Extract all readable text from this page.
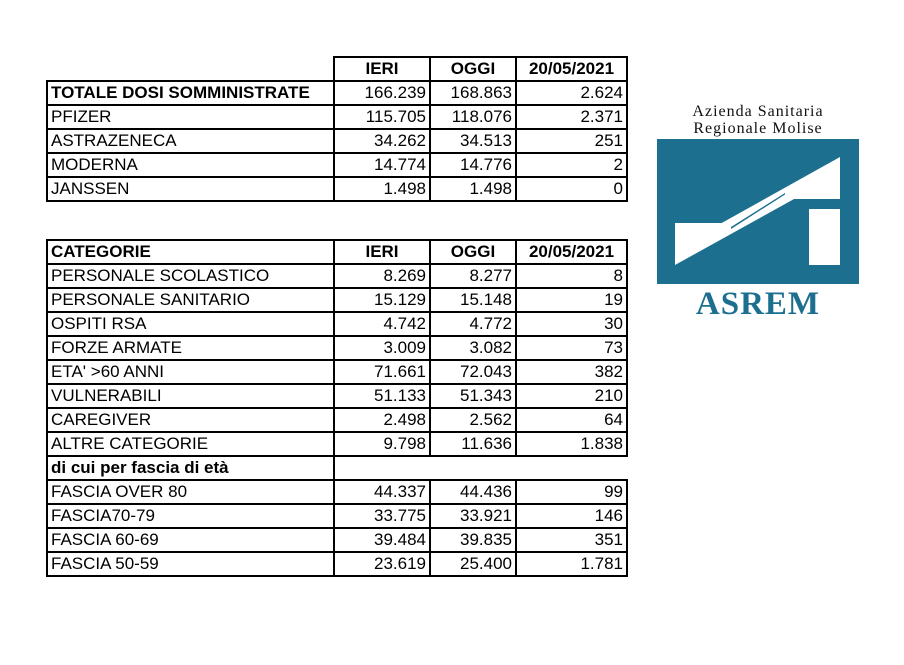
	IERI	OGGI	20/05/2021
TOTALE DOSI SOMMINISTRATE	166.239	168.863	2.624
PFIZER	115.705	118.076	2.371
ASTRAZENECA	34.262	34.513	251
MODERNA	14.774	14.776	2
JANSSEN	1.498	1.498	0
CATEGORIE	IERI	OGGI	20/05/2021
PERSONALE SCOLASTICO	8.269	8.277	8
PERSONALE SANITARIO	15.129	15.148	19
OSPITI RSA	4.742	4.772	30
FORZE ARMATE	3.009	3.082	73
ETA' >60 ANNI	71.661	72.043	382
VULNERABILI	51.133	51.343	210
CAREGIVER	2.498	2.562	64
ALTRE CATEGORIE	9.798	11.636	1.838
di cui per fascia di età			
FASCIA OVER 80	44.337	44.436	99
FASCIA70-79	33.775	33.921	146
FASCIA 60-69	39.484	39.835	351
FASCIA 50-59	23.619	25.400	1.781
Azienda Sanitaria
Regionale Molise
ASREM
